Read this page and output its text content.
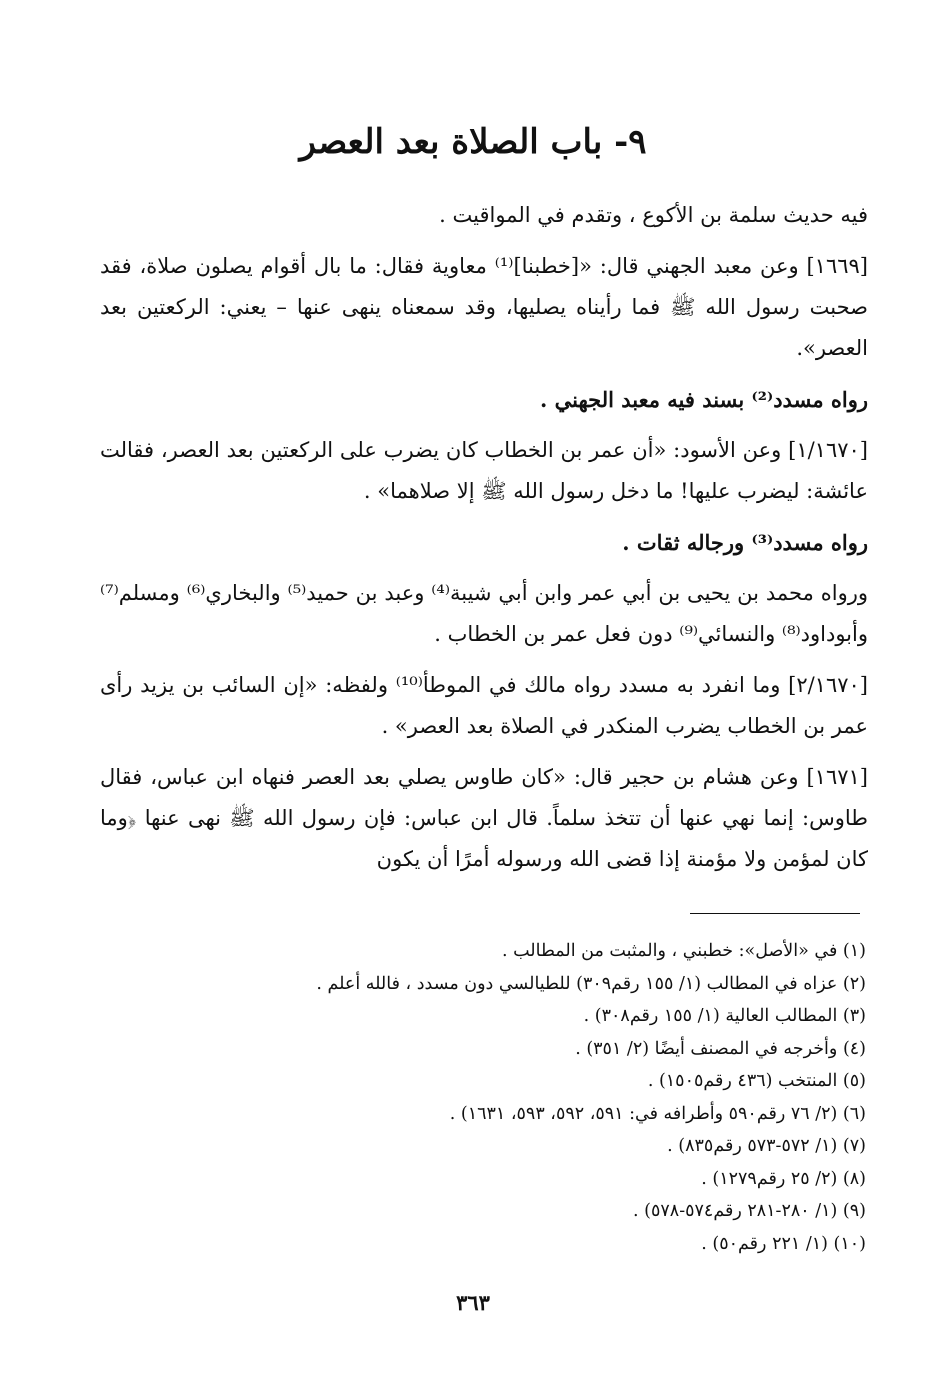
٩- باب الصلاة بعد العصر

فيه حديث سلمة بن الأكوع ، وتقدم في المواقيت .

[١٦٦٩] وعن معبد الجهني قال: «[خطبنا]⁽¹⁾ معاوية فقال: ما بال أقوام يصلون صلاة، فقد صحبت رسول الله ﷺ فما رأيناه يصليها، وقد سمعناه ينهى عنها – يعني: الركعتين بعد العصر».

رواه مسدد⁽²⁾ بسند فيه معبد الجهني .

[١/١٦٧٠] وعن الأسود: «أن عمر بن الخطاب كان يضرب على الركعتين بعد العصر، فقالت عائشة: ليضرب عليها! ما دخل رسول الله ﷺ إلا صلاهما» .

رواه مسدد⁽³⁾ ورجاله ثقات .

ورواه محمد بن يحيى بن أبي عمر وابن أبي شيبة⁽⁴⁾ وعبد بن حميد⁽⁵⁾ والبخاري⁽⁶⁾ ومسلم⁽⁷⁾ وأبوداود⁽⁸⁾ والنسائي⁽⁹⁾ دون فعل عمر بن الخطاب .

[٢/١٦٧٠] وما انفرد به مسدد رواه مالك في الموطأ⁽¹⁰⁾ ولفظه: «إن السائب بن يزيد رأى عمر بن الخطاب يضرب المنكدر في الصلاة بعد العصر» .

[١٦٧١] وعن هشام بن حجير قال: «كان طاوس يصلي بعد العصر فنهاه ابن عباس، فقال طاوس: إنما نهي عنها أن تتخذ سلماً. قال ابن عباس: فإن رسول الله ﷺ نهى عنها ﴿وما كان لمؤمن ولا مؤمنة إذا قضى الله ورسوله أمرًا أن يكون

(١) في «الأصل»: خطبني ، والمثبت من المطالب .
(٢) عزاه في المطالب (١/ ١٥٥ رقم٣٠٩) للطيالسي دون مسدد ، فالله أعلم .
(٣) المطالب العالية (١/ ١٥٥ رقم٣٠٨) .
(٤) وأخرجه في المصنف أيضًا (٢/ ٣٥١) .
(٥) المنتخب (٤٣٦ رقم١٥٠٥) .
(٦) (٢/ ٧٦ رقم٥٩٠ وأطرافه في: ٥٩١، ٥٩٢، ٥٩٣، ١٦٣١) .
(٧) (١/ ٥٧٢-٥٧٣ رقم٨٣٥) .
(٨) (٢/ ٢٥ رقم١٢٧٩) .
(٩) (١/ ٢٨٠-٢٨١ رقم٥٧٤-٥٧٨) .
(١٠) (١/ ٢٢١ رقم٥٠) .
٣٦٣
